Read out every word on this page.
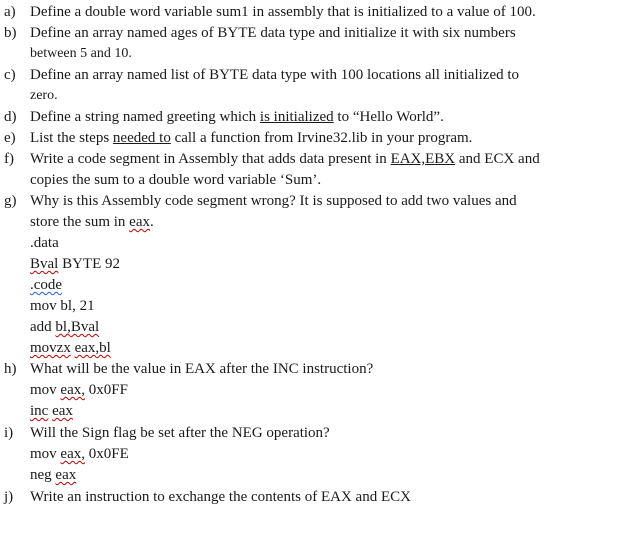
a) Define a double word variable sum1 in assembly that is initialized to a value of 100.
b) Define an array named ages of BYTE data type and initialize it with six numbers
between 5 and 10.
c) Define an array named list of BYTE data type with 100 locations all initialized to
zero.
d) Define a string named greeting which is initialized to “Hello World”.
e) List the steps needed to call a function from Irvine32.lib in your program.
f)	Write a code segment in Assembly that adds data present in EAX,EBX and ECX and
copies the sum to a double word variable ‘Sum’.
g) Why is this Assembly code segment wrong? It is supposed to add two values and
store the sum in eax.
.data
Bval BYTE 92
.code
mov bl, 21
add bl,Bval
movzx eax,bl
h) What will be the value in EAX after the INC instruction?
mov eax, 0x0FF
inc eax
i)	Will the Sign flag be set after the NEG operation?
mov eax, 0x0FE
neg eax
j)	Write an instruction to exchange the contents of EAX and ECX
